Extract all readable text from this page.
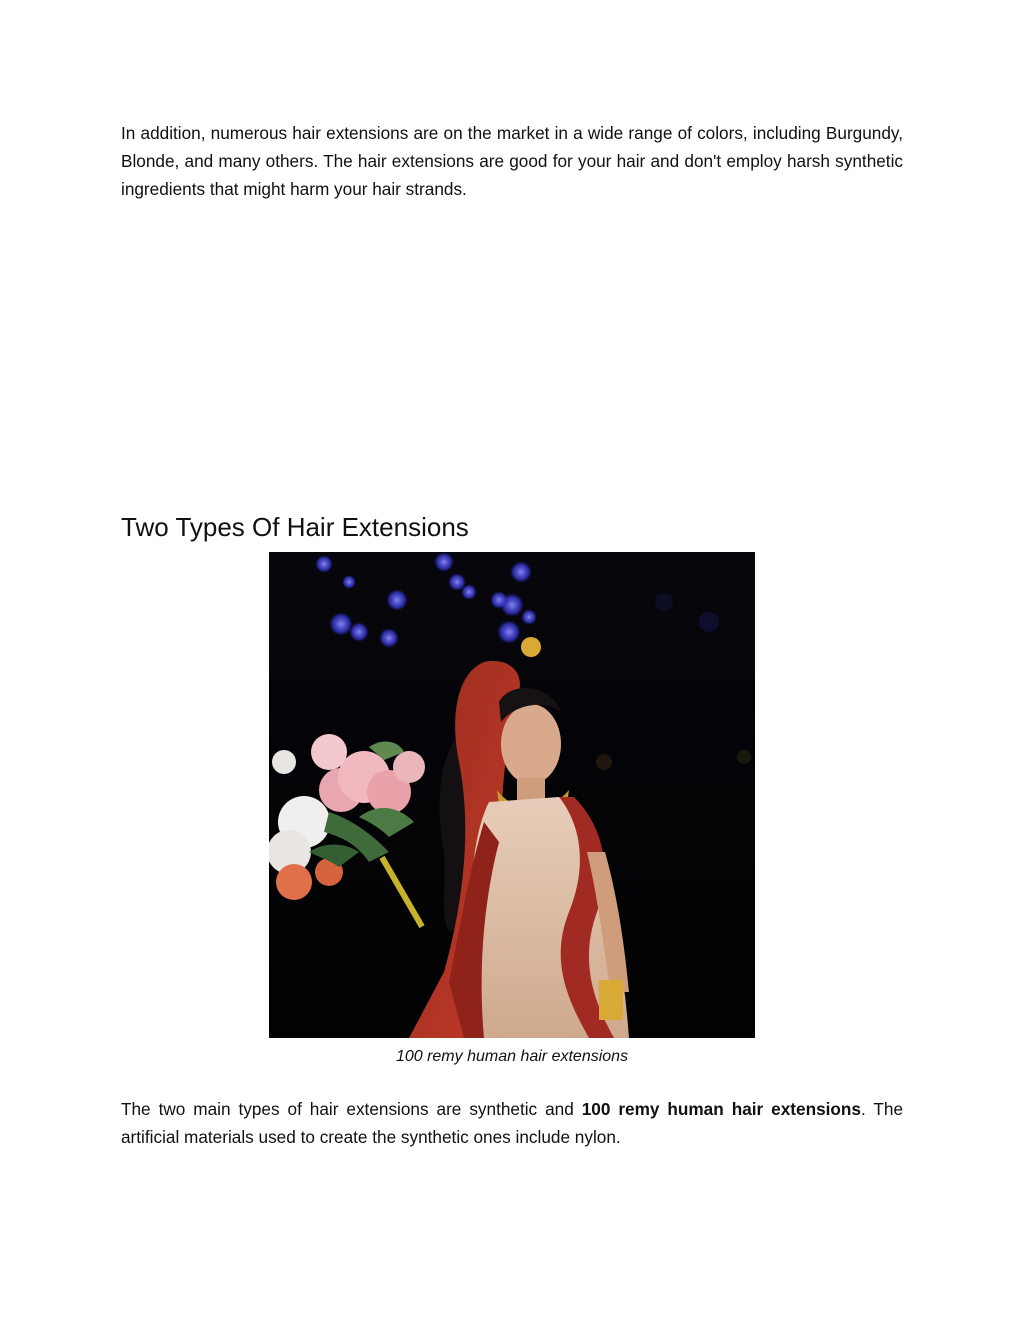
In addition, numerous hair extensions are on the market in a wide range of colors, including Burgundy, Blonde, and many others. The hair extensions are good for your hair and don't employ harsh synthetic ingredients that might harm your hair strands.

Two Types Of Hair Extensions

100 remy human hair extensions

The two main types of hair extensions are synthetic and 100 remy human hair extensions. The artificial materials used to create the synthetic ones include nylon.
